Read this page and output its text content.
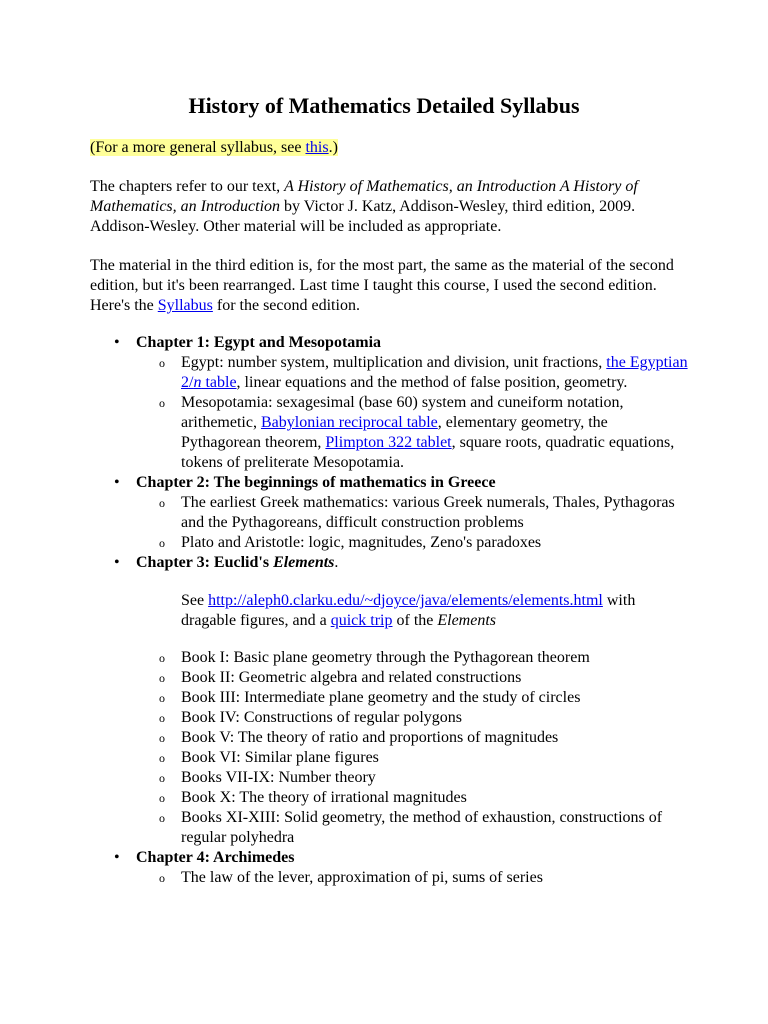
History of Mathematics Detailed Syllabus

(For a more general syllabus, see this.)

The chapters refer to our text, A History of Mathematics, an Introduction A History of Mathematics, an Introduction by Victor J. Katz, Addison-Wesley, third edition, 2009. Addison-Wesley. Other material will be included as appropriate.

The material in the third edition is, for the most part, the same as the material of the second edition, but it's been rearranged. Last time I taught this course, I used the second edition. Here's the Syllabus for the second edition.

• Chapter 1: Egypt and Mesopotamia
o Egypt: number system, multiplication and division, unit fractions, the Egyptian 2/n table, linear equations and the method of false position, geometry.
o Mesopotamia: sexagesimal (base 60) system and cuneiform notation, arithemetic, Babylonian reciprocal table, elementary geometry, the Pythagorean theorem, Plimpton 322 tablet, square roots, quadratic equations, tokens of preliterate Mesopotamia.
• Chapter 2: The beginnings of mathematics in Greece
o The earliest Greek mathematics: various Greek numerals, Thales, Pythagoras and the Pythagoreans, difficult construction problems
o Plato and Aristotle: logic, magnitudes, Zeno's paradoxes
• Chapter 3: Euclid's Elements.
See http://aleph0.clarku.edu/~djoyce/java/elements/elements.html with dragable figures, and a quick trip of the Elements
o Book I: Basic plane geometry through the Pythagorean theorem
o Book II: Geometric algebra and related constructions
o Book III: Intermediate plane geometry and the study of circles
o Book IV: Constructions of regular polygons
o Book V: The theory of ratio and proportions of magnitudes
o Book VI: Similar plane figures
o Books VII-IX: Number theory
o Book X: The theory of irrational magnitudes
o Books XI-XIII: Solid geometry, the method of exhaustion, constructions of regular polyhedra
• Chapter 4: Archimedes
o The law of the lever, approximation of pi, sums of series
